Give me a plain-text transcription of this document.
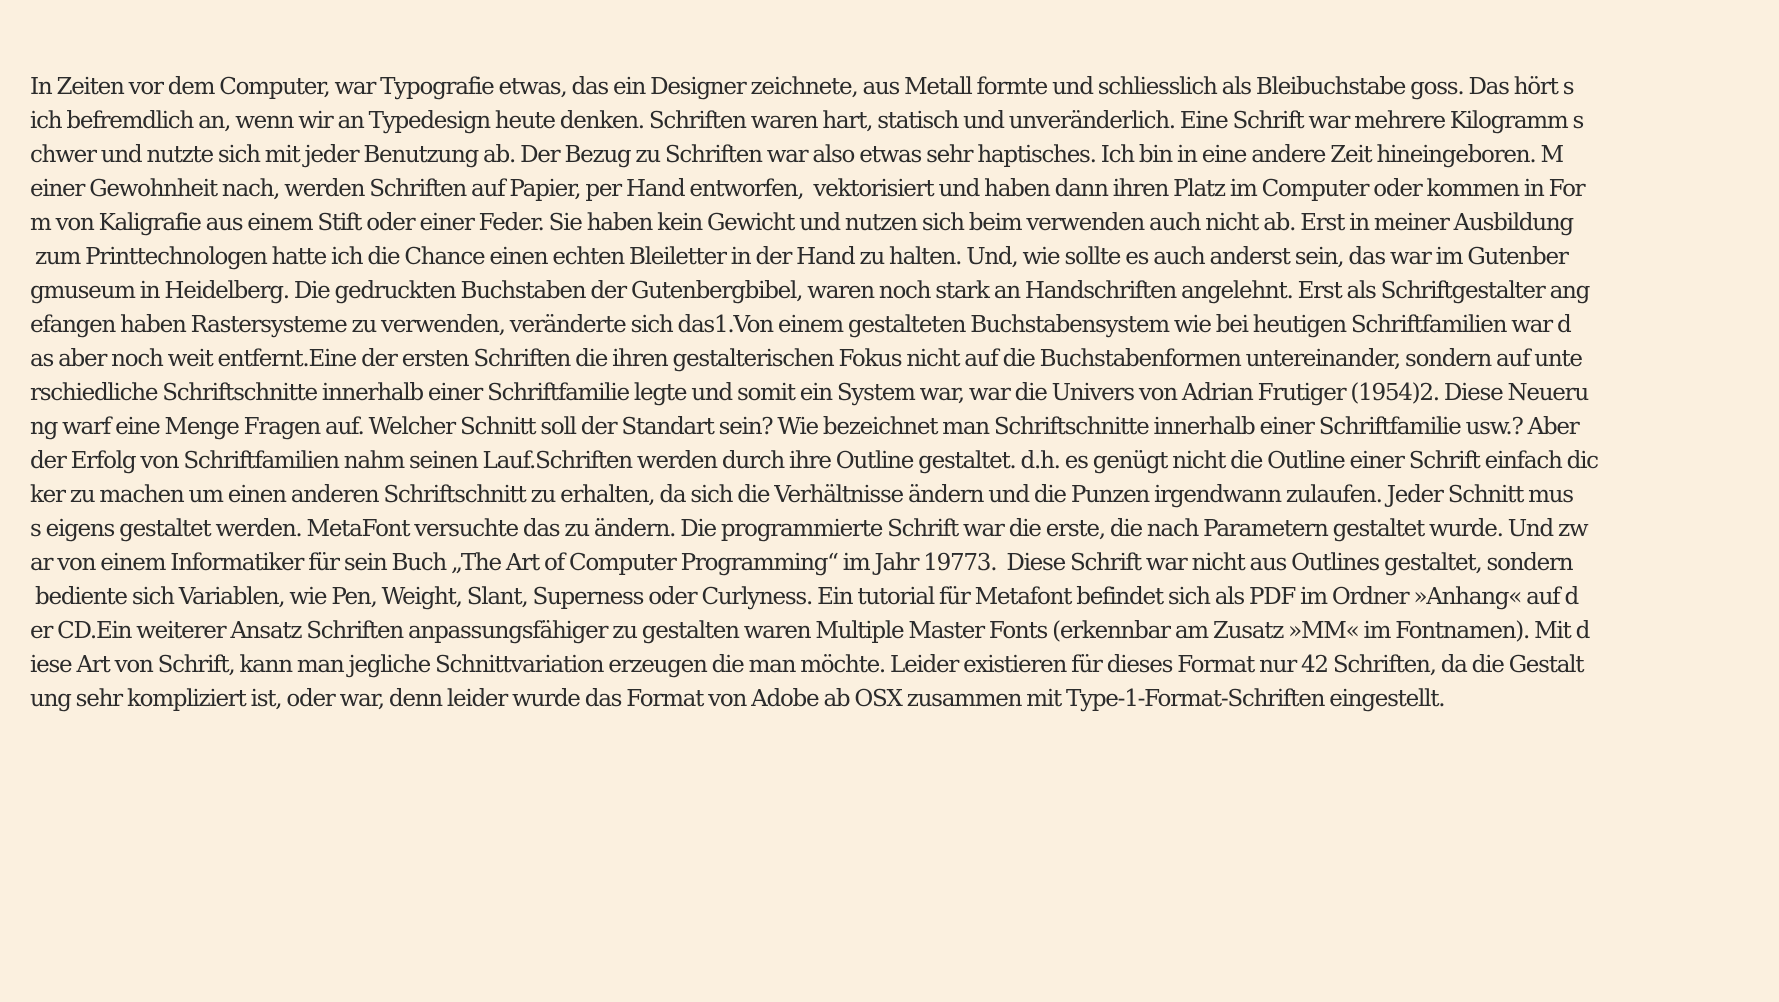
In Zeiten vor dem Computer, war Typografie etwas, das ein Designer zeichnete, aus Metall formte und schliesslich als Bleibuchstabe goss. Das hört s
ich befremdlich an, wenn wir an Typedesign heute denken. Schriften waren hart, statisch und unveränderlich. Eine Schrift war mehrere Kilogramm s
chwer und nutzte sich mit jeder Benutzung ab. Der Bezug zu Schriften war also etwas sehr haptisches. Ich bin in eine andere Zeit hineingeboren. M
einer Gewohnheit nach, werden Schriften auf Papier, per Hand entworfen,  vektorisiert und haben dann ihren Platz im Computer oder kommen in For
m von Kaligrafie aus einem Stift oder einer Feder. Sie haben kein Gewicht und nutzen sich beim verwenden auch nicht ab. Erst in meiner Ausbildung
zum Printtechnologen hatte ich die Chance einen echten Bleiletter in der Hand zu halten. Und, wie sollte es auch anderst sein, das war im Gutenber
gmuseum in Heidelberg. Die gedruckten Buchstaben der Gutenbergbibel, waren noch stark an Handschriften angelehnt. Erst als Schriftgestalter ang
efangen haben Rastersysteme zu verwenden, veränderte sich das1.Von einem gestalteten Buchstabensystem wie bei heutigen Schriftfamilien war d
as aber noch weit entfernt.Eine der ersten Schriften die ihren gestalterischen Fokus nicht auf die Buchstabenformen untereinander, sondern auf unte
rschiedliche Schriftschnitte innerhalb einer Schriftfamilie legte und somit ein System war, war die Univers von Adrian Frutiger (1954)2. Diese Neueru
ng warf eine Menge Fragen auf. Welcher Schnitt soll der Standart sein? Wie bezeichnet man Schriftschnitte innerhalb einer Schriftfamilie usw.? Aber
der Erfolg von Schriftfamilien nahm seinen Lauf.Schriften werden durch ihre Outline gestaltet. d.h. es genügt nicht die Outline einer Schrift einfach dic
ker zu machen um einen anderen Schriftschnitt zu erhalten, da sich die Verhältnisse ändern und die Punzen irgendwann zulaufen. Jeder Schnitt mus
s eigens gestaltet werden. MetaFont versuchte das zu ändern. Die programmierte Schrift war die erste, die nach Parametern gestaltet wurde. Und zw
ar von einem Informatiker für sein Buch „The Art of Computer Programming“ im Jahr 19773.  Diese Schrift war nicht aus Outlines gestaltet, sondern
bediente sich Variablen, wie Pen, Weight, Slant, Superness oder Curlyness. Ein tutorial für Metafont befindet sich als PDF im Ordner »Anhang« auf d
er CD.Ein weiterer Ansatz Schriften anpassungsfähiger zu gestalten waren Multiple Master Fonts (erkennbar am Zusatz »MM« im Fontnamen). Mit d
iese Art von Schrift, kann man jegliche Schnittvariation erzeugen die man möchte. Leider existieren für dieses Format nur 42 Schriften, da die Gestalt
ung sehr kompliziert ist, oder war, denn leider wurde das Format von Adobe ab OSX zusammen mit Type-1-Format-Schriften eingestellt.
